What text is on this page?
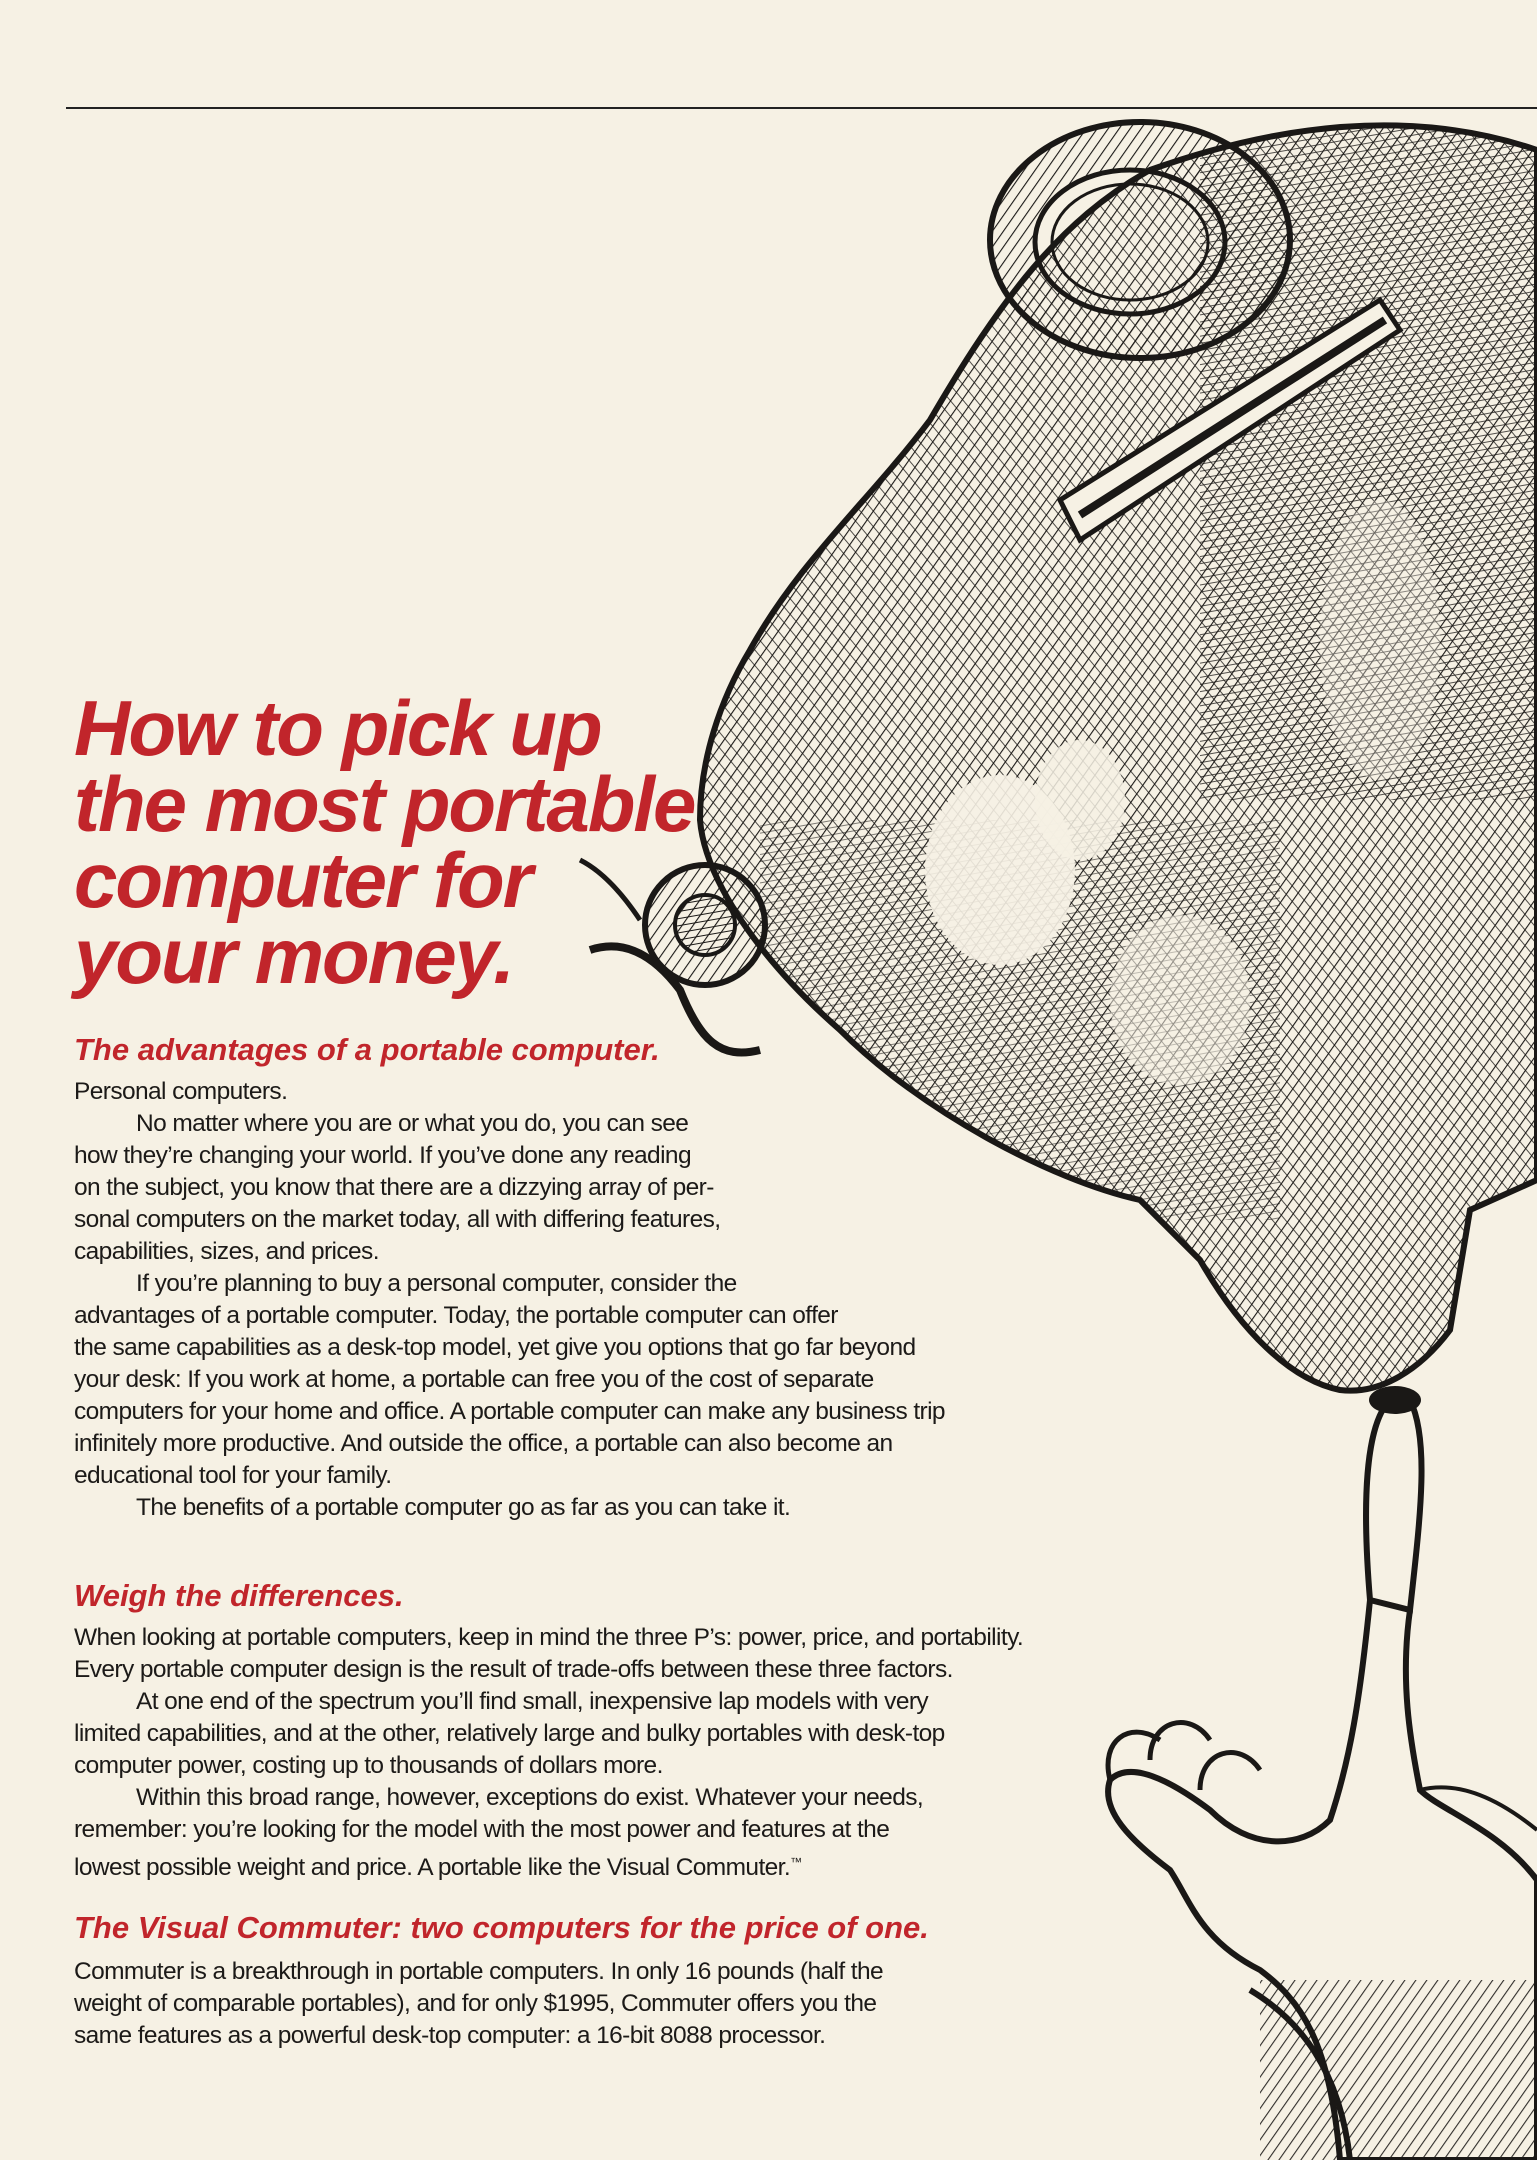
How to pick up
the most portable
computer for
your money.
The advantages of a portable computer.

Personal computers.
No matter where you are or what you do, you can see
how they’re changing your world. If you’ve done any reading
on the subject, you know that there are a dizzying array of per-
sonal computers on the market today, all with differing features,
capabilities, sizes, and prices.
If you’re planning to buy a personal computer, consider the
advantages of a portable computer. Today, the portable computer can offer
the same capabilities as a desk-top model, yet give you options that go far beyond
your desk: If you work at home, a portable can free you of the cost of separate
computers for your home and office. A portable computer can make any business trip
infinitely more productive. And outside the office, a portable can also become an
educational tool for your family.
The benefits of a portable computer go as far as you can take it.

Weigh the differences.

When looking at portable computers, keep in mind the three P’s: power, price, and portability.
Every portable computer design is the result of trade-offs between these three factors.
At one end of the spectrum you’ll find small, inexpensive lap models with very
limited capabilities, and at the other, relatively large and bulky portables with desk-top
computer power, costing up to thousands of dollars more.
Within this broad range, however, exceptions do exist. Whatever your needs,
remember: you’re looking for the model with the most power and features at the
lowest possible weight and price. A portable like the Visual Commuter.™

The Visual Commuter: two computers for the price of one.

Commuter is a breakthrough in portable computers. In only 16 pounds (half the
weight of comparable portables), and for only $1995, Commuter offers you the
same features as a powerful desk-top computer: a 16-bit 8088 processor.
